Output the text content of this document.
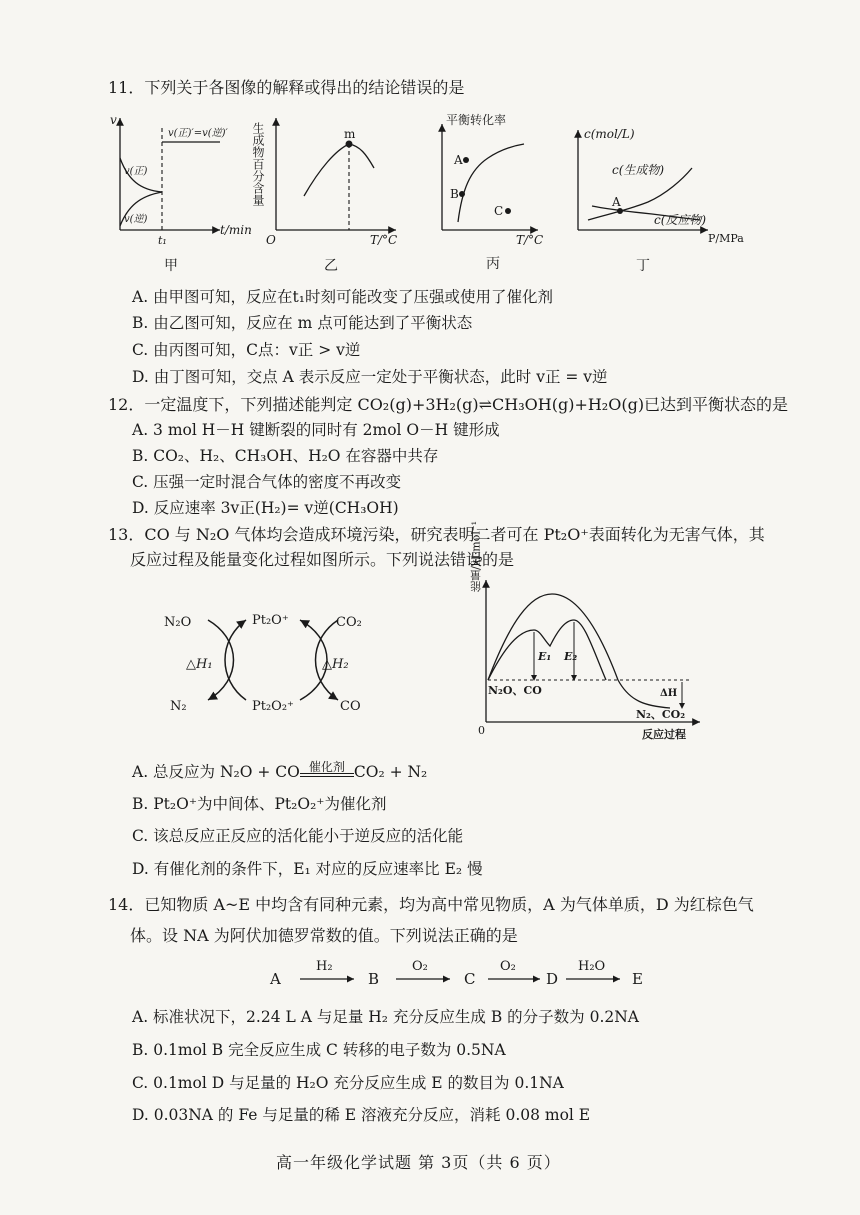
11．下列关于各图像的解释或得出的结论错误的是
v
t/min
t₁
v(正)
v(逆)
v(正)′=v(逆)′
甲
m
生成物百分含量
O	T/°C
乙
A
B
C
平衡转化率
T/°C
丙
A
c(mol/L)
c(生成物)
c(反应物)
P/MPa
丁
A. 由甲图可知，反应在t₁时刻可能改变了压强或使用了催化剂
B. 由乙图可知，反应在 m 点可能达到了平衡状态
C. 由丙图可知，C点：v正 > v逆
D. 由丁图可知，交点 A 表示反应一定处于平衡状态，此时 v正 = v逆
12．一定温度下，下列描述能判定 CO₂(g)+3H₂(g)⇌CH₃OH(g)+H₂O(g)已达到平衡状态的是
A. 3 mol H－H 键断裂的同时有 2mol O－H 键形成
B. CO₂、H₂、CH₃OH、H₂O 在容器中共存
C. 压强一定时混合气体的密度不再改变
D. 反应速率 3v正(H₂)= v逆(CH₃OH)
13．CO 与 N₂O 气体均会造成环境污染，研究表明二者可在 Pt₂O⁺表面转化为无害气体，其
反应过程及能量变化过程如图所示。下列说法错误的是
N₂O
N₂
Pt₂O⁺
Pt₂O₂⁺
CO₂
CO
△H₁	△H₂
能量/kJ·mol⁻¹
0	反应过程
N₂O、CO
N₂、CO₂
E₁ E₂
ΔH
A. 总反应为 N₂O + CO 催化剂 CO₂ + N₂
B. Pt₂O⁺为中间体、Pt₂O₂⁺为催化剂
C. 该总反应正反应的活化能小于逆反应的活化能
D. 有催化剂的条件下，E₁ 对应的反应速率比 E₂ 慢
14．已知物质 A~E 中均含有同种元素，均为高中常见物质，A 为气体单质，D 为红棕色气
体。设 NA 为阿伏加德罗常数的值。下列说法正确的是
A
H₂
B
O₂
C
O₂
D
H₂O
E
A. 标准状况下，2.24 L A 与足量 H₂ 充分反应生成 B 的分子数为 0.2NA
B. 0.1mol B 完全反应生成 C 转移的电子数为 0.5NA
C. 0.1mol D 与足量的 H₂O 充分反应生成 E 的数目为 0.1NA
D. 0.03NA 的 Fe 与足量的稀 E 溶液充分反应，消耗 0.08 mol E
高一年级化学试题 第 3页（共 6 页）
